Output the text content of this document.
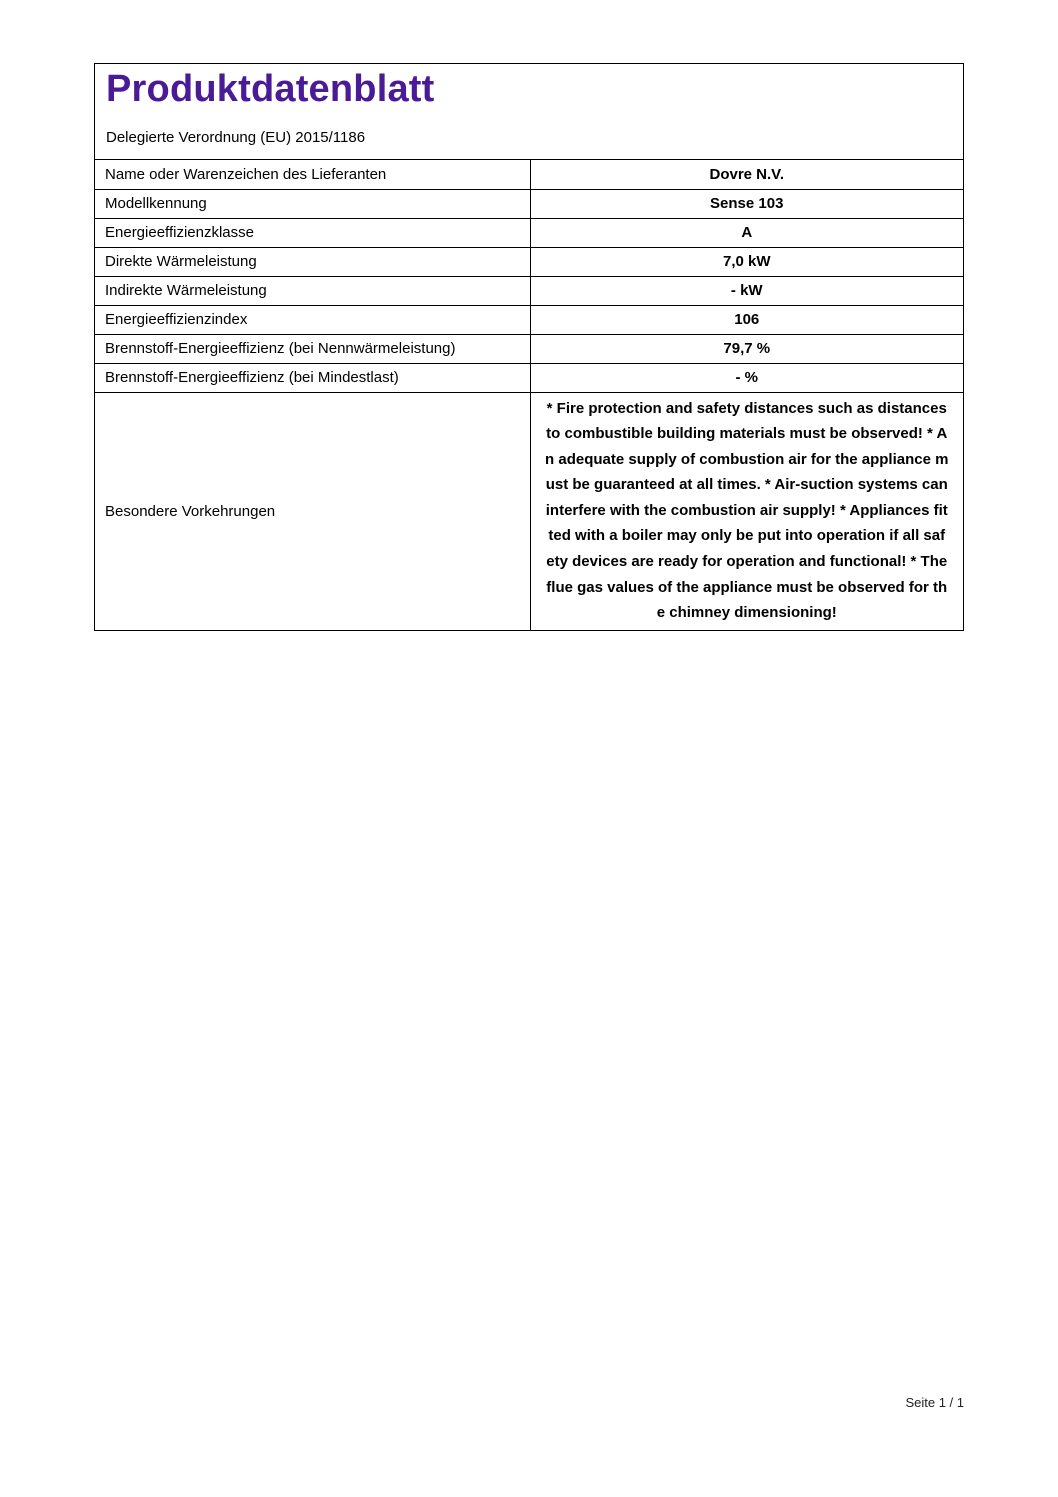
Produktdatenblatt
Delegierte Verordnung (EU) 2015/1186
Name oder Warenzeichen des Lieferanten	Dovre N.V.
Modellkennung	Sense 103
Energieeffizienzklasse	A
Direkte Wärmeleistung	7,0 kW
Indirekte Wärmeleistung	- kW
Energieeffizienzindex	106
Brennstoff-Energieeffizienz (bei Nennwärmeleistung)	79,7 %
Brennstoff-Energieeffizienz (bei Mindestlast)	- %
Besondere Vorkehrungen	* Fire protection and safety distances such as distances to combustible building materials must be observed! * An adequate supply of combustion air for the appliance must be guaranteed at all times. * Air-suction systems can interfere with the combustion air supply! * Appliances fitted with a boiler may only be put into operation if all safety devices are ready for operation and functional! * The flue gas values of the appliance must be observed for the chimney dimensioning!
Seite 1 / 1
